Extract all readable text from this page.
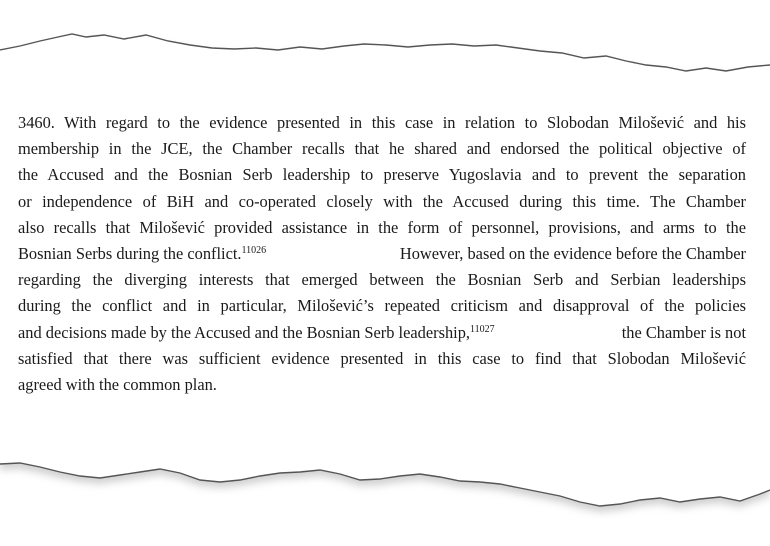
3460. With regard to the evidence presented in this case in relation to Slobodan Milošević and his
membership in the JCE, the Chamber recalls that he shared and endorsed the political objective of
the Accused and the Bosnian Serb leadership to preserve Yugoslavia and to prevent the separation
or independence of BiH and co-operated closely with the Accused during this time. The Chamber
also recalls that Milošević provided assistance in the form of personnel, provisions, and arms to the
Bosnian Serbs during the conflict.$^{11026}$	However, based on the evidence before the Chamber
regarding the diverging interests that emerged between the Bosnian Serb and Serbian leaderships
during the conflict and in particular, Milošević’s repeated criticism and disapproval of the policies
and decisions made by the Accused and the Bosnian Serb leadership,$^{11027}$	the Chamber is not
satisfied that there was sufficient evidence presented in this case to find that Slobodan Milošević
agreed with the common plan.
